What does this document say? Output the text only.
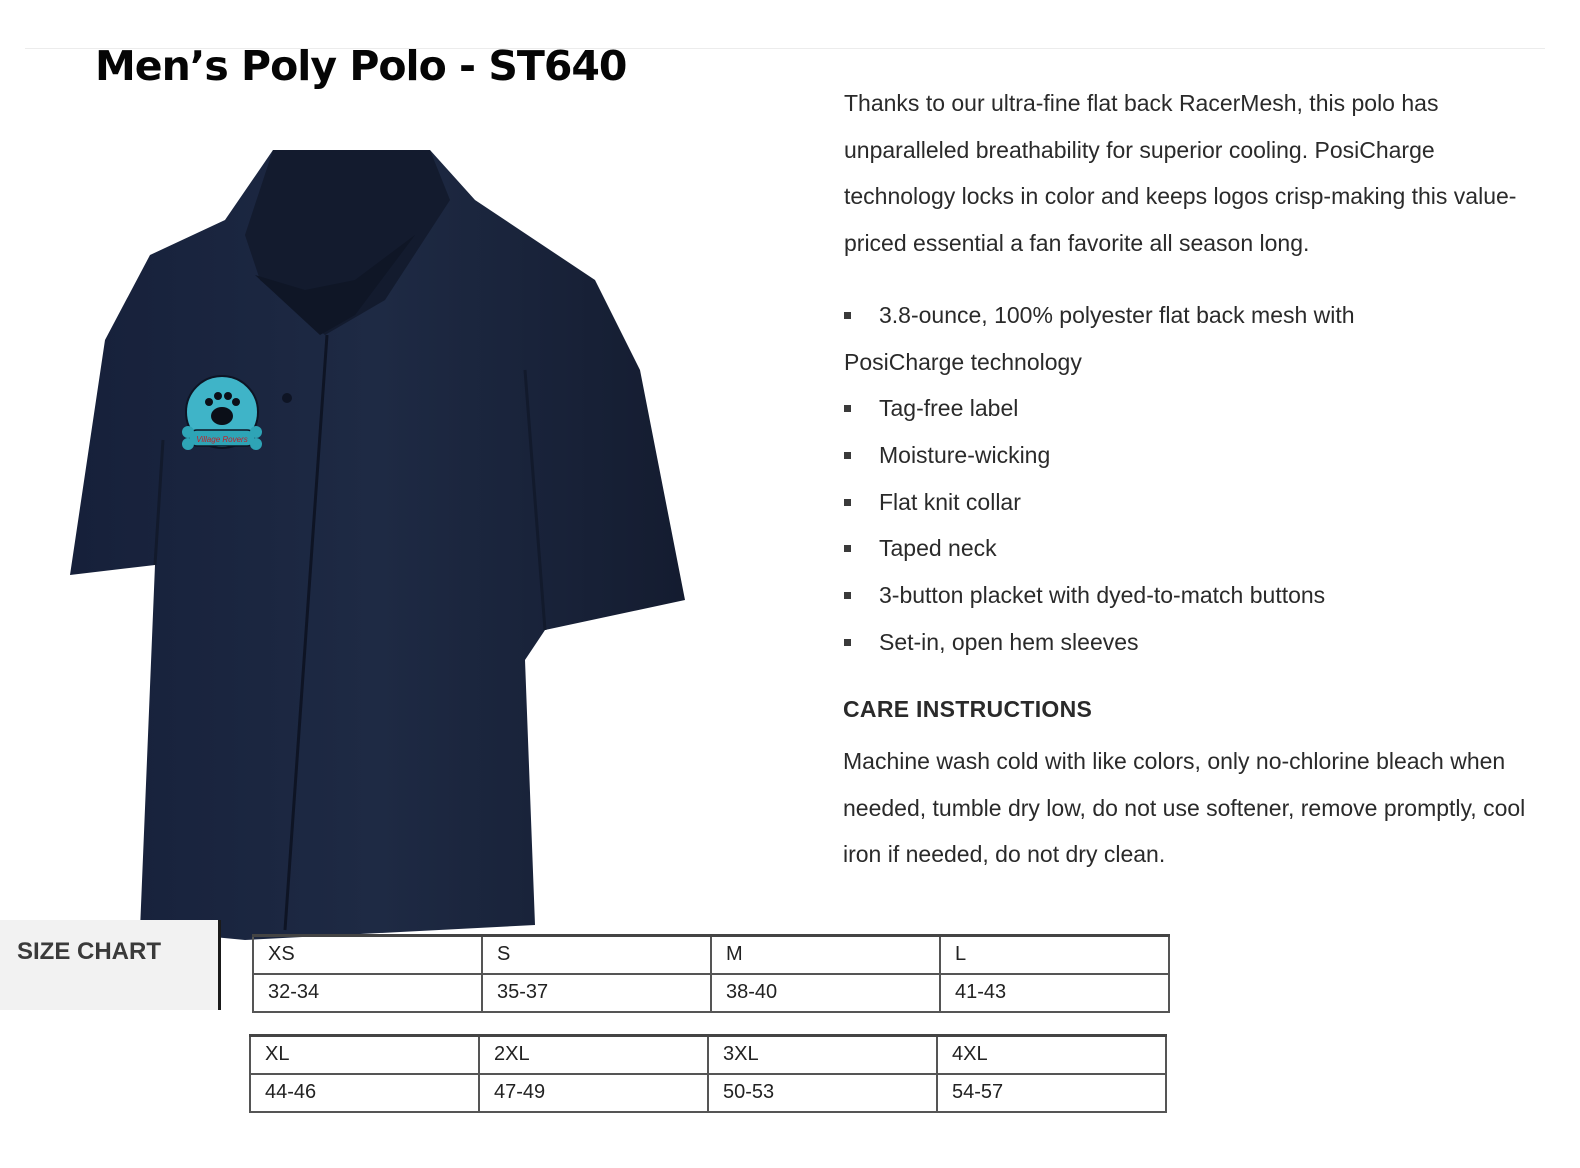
Men’s Poly Polo - ST640
Village Rovers
Thanks to our ultra-fine flat back RacerMesh, this polo has unparalleled breathability for superior cooling. PosiCharge technology locks in color and keeps logos crisp-making this value-priced essential a fan favorite all season long.
3.8-ounce, 100% polyester flat back mesh with
PosiCharge technology
Tag-free label
Moisture-wicking
Flat knit collar
Taped neck
3-button placket with dyed-to-match buttons
Set-in, open hem sleeves
CARE INSTRUCTIONS
Machine wash cold with like colors, only no-chlorine bleach when needed, tumble dry low, do not use softener, remove promptly, cool iron if needed, do not dry clean.
SIZE CHART	XS	S	M	L
32-34	35-37	38-40	41-43
XL	2XL	3XL	4XL
44-46	47-49	50-53	54-57
